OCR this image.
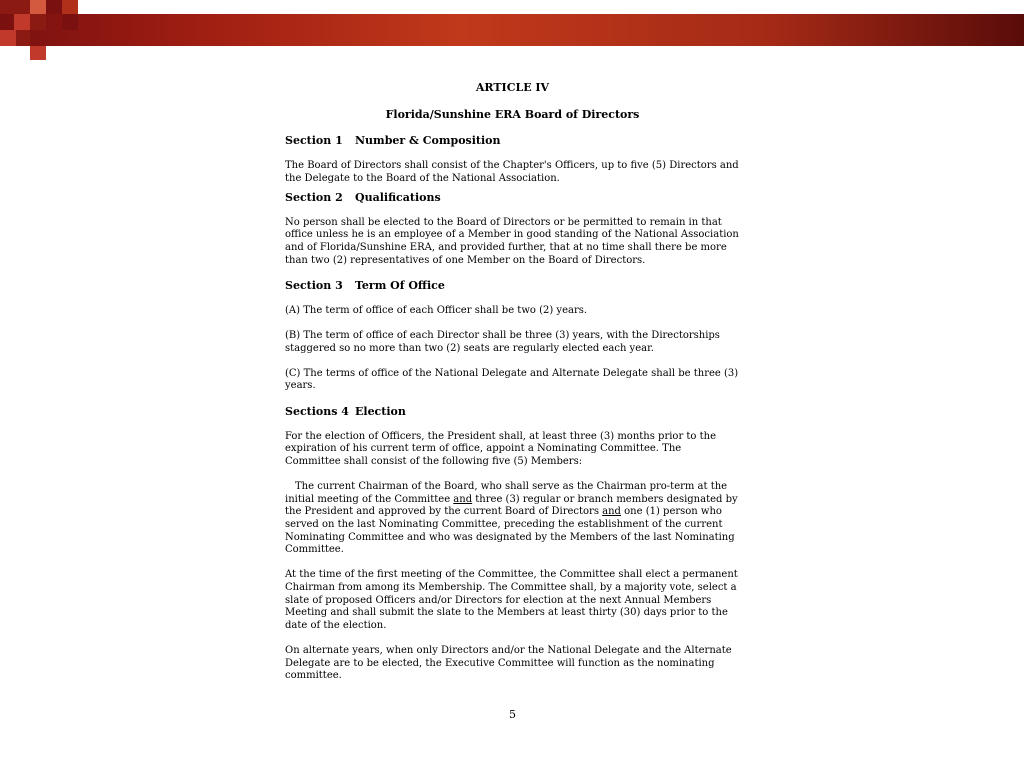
ARTICLE IV
Florida/Sunshine ERA Board of Directors
Section 1 Number & Composition

The Board of Directors shall consist of the Chapter's Officers, up to five (5) Directors and the Delegate to the Board of the National Association.

Section 2 Qualifications

No person shall be elected to the Board of Directors or be permitted to remain in that office unless he is an employee of a Member in good standing of the National Association and of Florida/Sunshine ERA, and provided further, that at no time shall there be more than two (2) representatives of one Member on the Board of Directors.

Section 3 Term Of Office

(A) The term of office of each Officer shall be two (2) years.

(B) The term of office of each Director shall be three (3) years, with the Directorships staggered so no more than two (2) seats are regularly elected each year.

(C) The terms of office of the National Delegate and Alternate Delegate shall be three (3) years.

Sections 4 Election

For the election of Officers, the President shall, at least three (3) months prior to the expiration of his current term of office, appoint a Nominating Committee. The Committee shall consist of the following five (5) Members:

The current Chairman of the Board, who shall serve as the Chairman pro-term at the initial meeting of the Committee and three (3) regular or branch members designated by the President and approved by the current Board of Directors and one (1) person who served on the last Nominating Committee, preceding the establishment of the current Nominating Committee and who was designated by the Members of the last Nominating Committee.

At the time of the first meeting of the Committee, the Committee shall elect a permanent Chairman from among its Membership. The Committee shall, by a majority vote, select a slate of proposed Officers and/or Directors for election at the next Annual Members Meeting and shall submit the slate to the Members at least thirty (30) days prior to the date of the election.

On alternate years, when only Directors and/or the National Delegate and the Alternate Delegate are to be elected, the Executive Committee will function as the nominating committee.

5
